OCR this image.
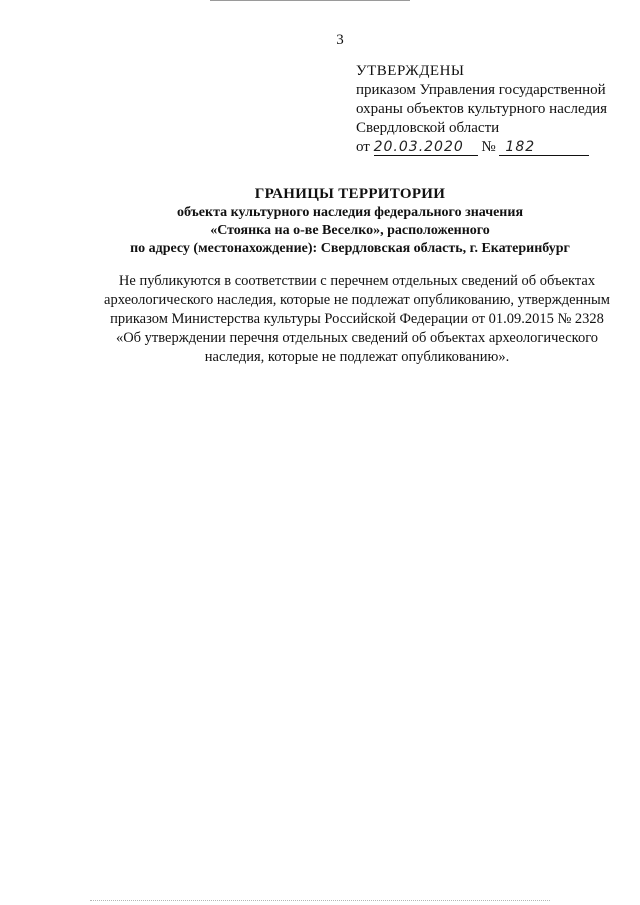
3
УТВЕРЖДЕНЫ
приказом Управления государственной
охраны объектов культурного наследия
Свердловской области
от 20.03.2020 № 182
ГРАНИЦЫ ТЕРРИТОРИИ
объекта культурного наследия федерального значения
«Стоянка на о-ве Веселко», расположенного
по адресу (местонахождение): Свердловская область, г. Екатеринбург
Не публикуются в соответствии с перечнем отдельных сведений об объектах
археологического наследия, которые не подлежат опубликованию, утвержденным
приказом Министерства культуры Российской Федерации от 01.09.2015 № 2328
«Об утверждении перечня отдельных сведений об объектах археологического
наследия, которые не подлежат опубликованию».
